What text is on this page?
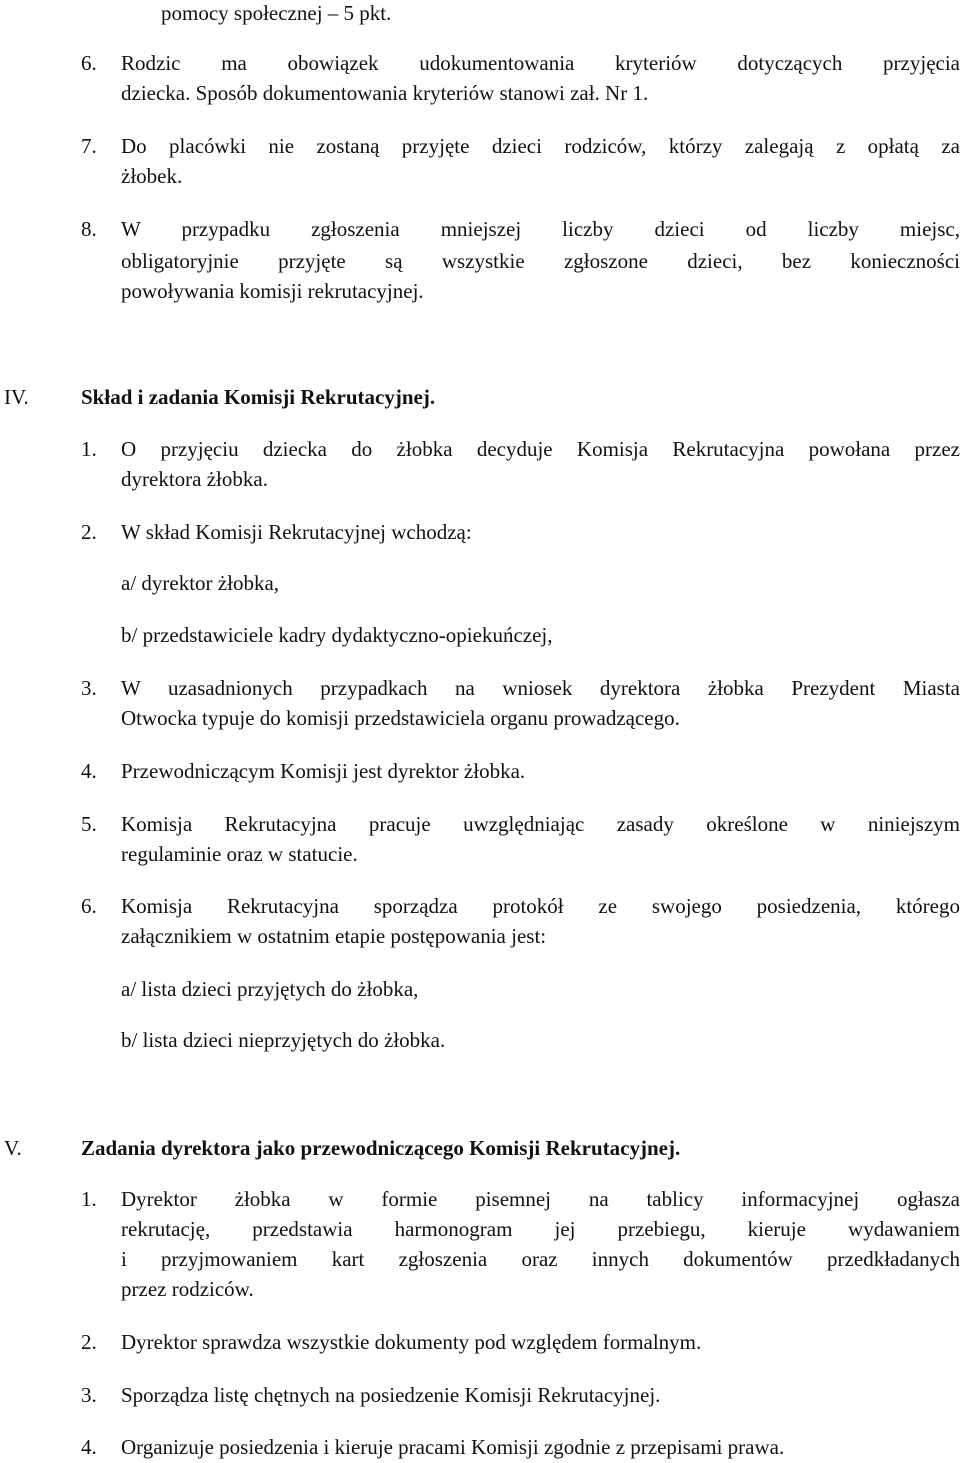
pomocy społecznej – 5 pkt.
6. Rodzic ma obowiązek udokumentowania kryteriów dotyczących przyjęcia
dziecka. Sposób dokumentowania kryteriów stanowi zał. Nr 1.
7. Do placówki nie zostaną przyjęte dzieci rodziców, którzy zalegają z opłatą za
żłobek.
8. W przypadku zgłoszenia mniejszej liczby dzieci od liczby miejsc,
obligatoryjnie przyjęte są wszystkie zgłoszone dzieci, bez konieczności
powoływania komisji rekrutacyjnej.
IV. Skład i zadania Komisji Rekrutacyjnej.
1. O przyjęciu dziecka do żłobka decyduje Komisja Rekrutacyjna powołana przez
dyrektora żłobka.
2. W skład Komisji Rekrutacyjnej wchodzą:
a/ dyrektor żłobka,
b/ przedstawiciele kadry dydaktyczno-opiekuńczej,
3. W uzasadnionych przypadkach na wniosek dyrektora żłobka Prezydent Miasta
Otwocka typuje do komisji przedstawiciela organu prowadzącego.
4. Przewodniczącym Komisji jest dyrektor żłobka.
5. Komisja Rekrutacyjna pracuje uwzględniając zasady określone w niniejszym
regulaminie oraz w statucie.
6. Komisja Rekrutacyjna sporządza protokół ze swojego posiedzenia, którego
załącznikiem w ostatnim etapie postępowania jest:
a/ lista dzieci przyjętych do żłobka,
b/ lista dzieci nieprzyjętych do żłobka.
V.	Zadania dyrektora jako przewodniczącego Komisji Rekrutacyjnej.
1. Dyrektor żłobka w formie pisemnej na tablicy informacyjnej ogłasza
rekrutację, przedstawia harmonogram jej przebiegu, kieruje wydawaniem
i przyjmowaniem kart zgłoszenia oraz innych dokumentów przedkładanych
przez rodziców.
2. Dyrektor sprawdza wszystkie dokumenty pod względem formalnym.
3. Sporządza listę chętnych na posiedzenie Komisji Rekrutacyjnej.
4. Organizuje posiedzenia i kieruje pracami Komisji zgodnie z przepisami prawa.
